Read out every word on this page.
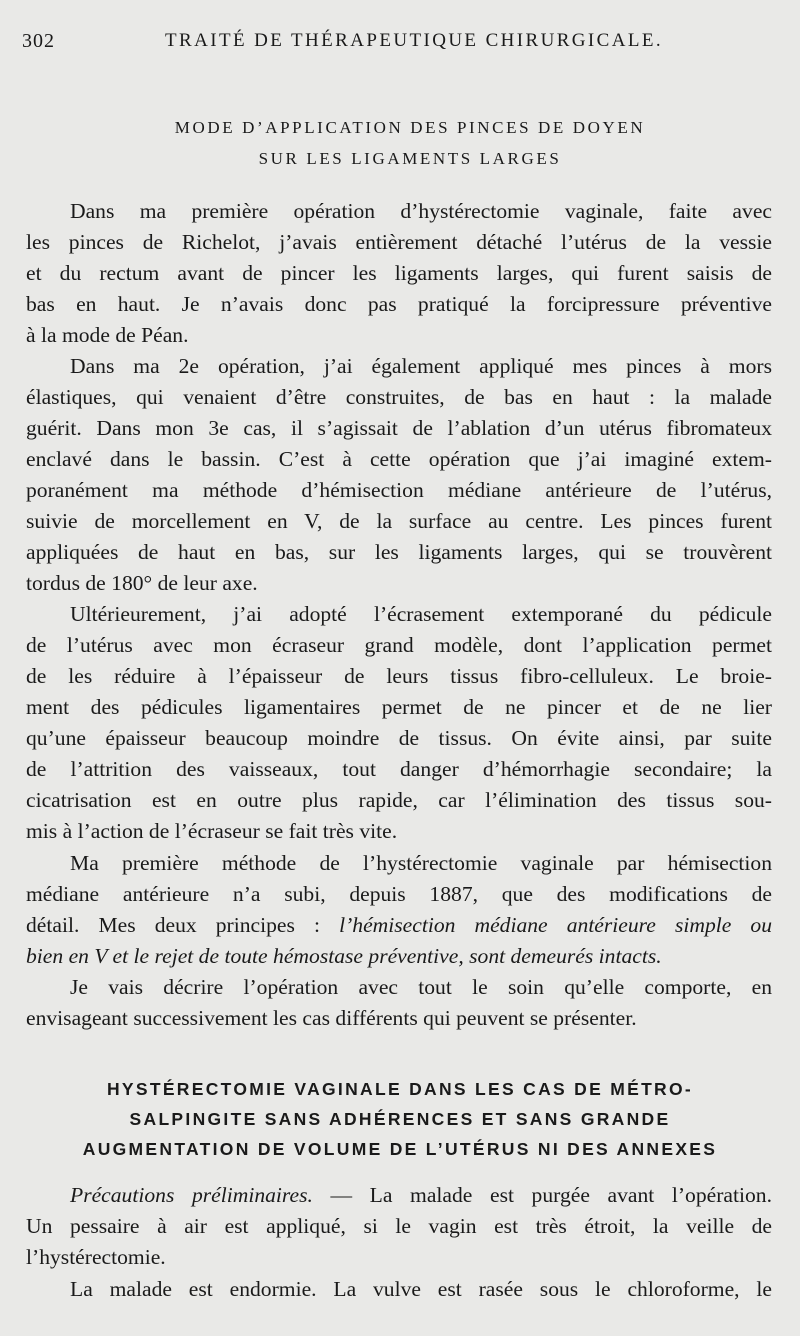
302	TRAITÉ DE THÉRAPEUTIQUE CHIRURGICALE.
MODE D’APPLICATION DES PINCES DE DOYEN
SUR LES LIGAMENTS LARGES
Dans ma première opération d’hystérectomie vaginale, faite avec
les pinces de Richelot, j’avais entièrement détaché l’utérus de la vessie
et du rectum avant de pincer les ligaments larges, qui furent saisis de
bas en haut. Je n’avais donc pas pratiqué la forcipressure préventive
à la mode de Péan.
Dans ma 2e opération, j’ai également appliqué mes pinces à mors
élastiques, qui venaient d’être construites, de bas en haut : la malade
guérit. Dans mon 3e cas, il s’agissait de l’ablation d’un utérus fibromateux
enclavé dans le bassin. C’est à cette opération que j’ai imaginé extem-
poranément ma méthode d’hémisection médiane antérieure de l’utérus,
suivie de morcellement en V, de la surface au centre. Les pinces furent
appliquées de haut en bas, sur les ligaments larges, qui se trouvèrent
tordus de 180° de leur axe.
Ultérieurement, j’ai adopté l’écrasement extemporané du pédicule
de l’utérus avec mon écraseur grand modèle, dont l’application permet
de les réduire à l’épaisseur de leurs tissus fibro-celluleux. Le broie-
ment des pédicules ligamentaires permet de ne pincer et de ne lier
qu’une épaisseur beaucoup moindre de tissus. On évite ainsi, par suite
de l’attrition des vaisseaux, tout danger d’hémorrhagie secondaire; la
cicatrisation est en outre plus rapide, car l’élimination des tissus sou-
mis à l’action de l’écraseur se fait très vite.
Ma première méthode de l’hystérectomie vaginale par hémisection
médiane antérieure n’a subi, depuis 1887, que des modifications de
détail. Mes deux principes : l’hémisection médiane antérieure simple ou
bien en V et le rejet de toute hémostase préventive, sont demeurés intacts.
Je vais décrire l’opération avec tout le soin qu’elle comporte, en
envisageant successivement les cas différents qui peuvent se présenter.
HYSTÉRECTOMIE VAGINALE DANS LES CAS DE MÉTRO-
SALPINGITE SANS ADHÉRENCES ET SANS GRANDE
AUGMENTATION DE VOLUME DE L’UTÉRUS NI DES ANNEXES
Précautions préliminaires. — La malade est purgée avant l’opération.
Un pessaire à air est appliqué, si le vagin est très étroit, la veille de
l’hystérectomie.
La malade est endormie. La vulve est rasée sous le chloroforme, le
